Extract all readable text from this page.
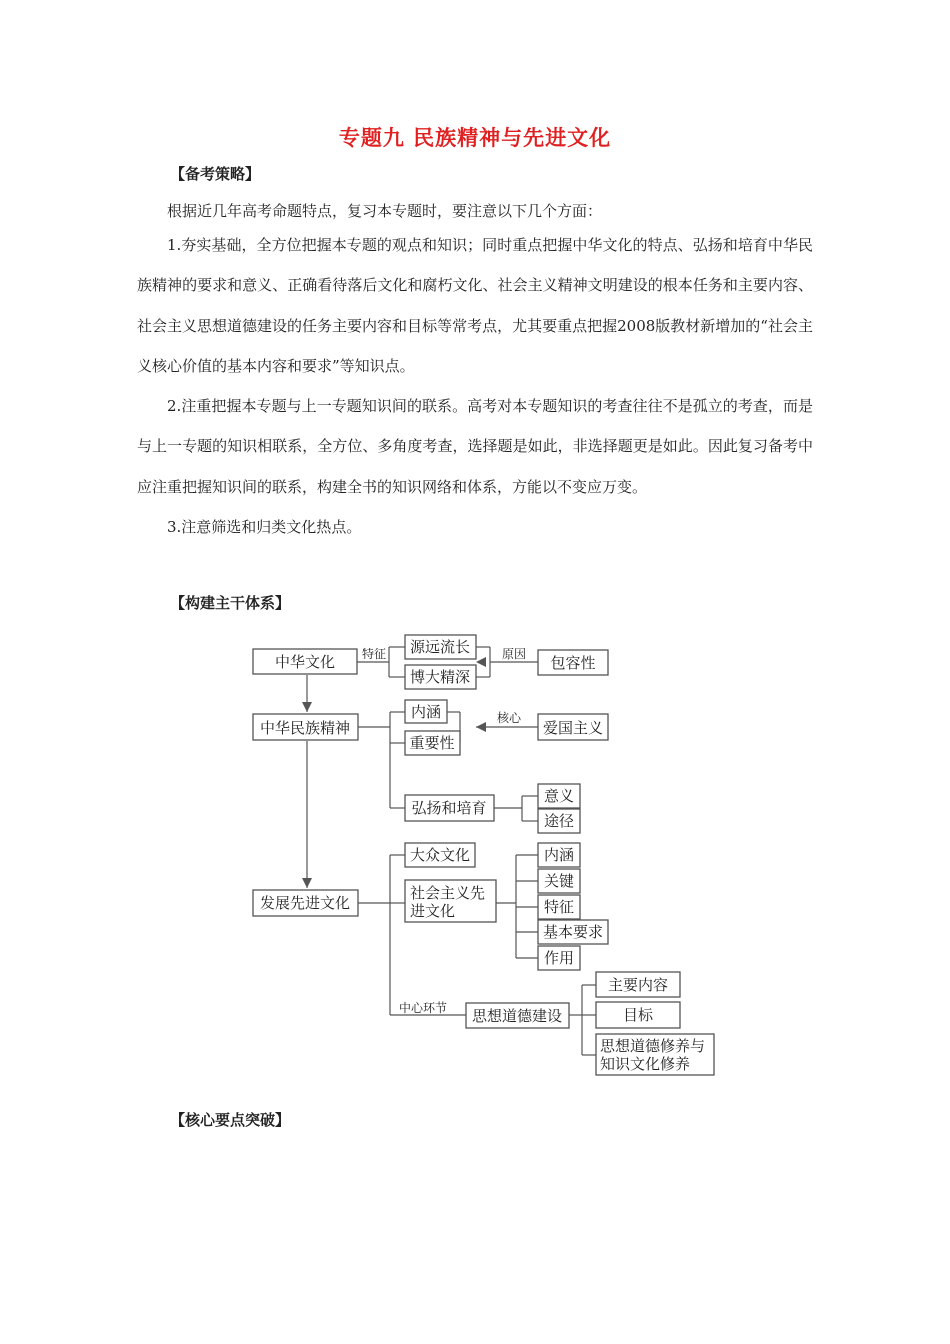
专题九 民族精神与先进文化
【备考策略】
根据近几年高考命题特点，复习本专题时，要注意以下几个方面：

1.夯实基础，全方位把握本专题的观点和知识；同时重点把握中华文化的特点、弘扬和培育中华民族精神的要求和意义、正确看待落后文化和腐朽文化、社会主义精神文明建设的根本任务和主要内容、社会主义思想道德建设的任务主要内容和目标等常考点，尤其要重点把握2008版教材新增加的“社会主义核心价值的基本内容和要求”等知识点。

2.注重把握本专题与上一专题知识间的联系。高考对本专题知识的考查往往不是孤立的考查，而是与上一专题的知识相联系，全方位、多角度考查，选择题是如此，非选择题更是如此。因此复习备考中应注重把握知识间的联系，构建全书的知识网络和体系，方能以不变应万变。

3.注意筛选和归类文化热点。

【构建主干体系】
中华文化 特征 源远流长
博大精深
原因 包容性
中华民族精神
内涵
重要性
核心
爱国主义
弘扬和培育
意义
途径
发展先进文化
大众文化
社会主义先
进文化
内涵
关键
特征
基本要求
作用
中心环节 思想道德建设
主要内容
目标
思想道德修养与
知识文化修养
【核心要点突破】
